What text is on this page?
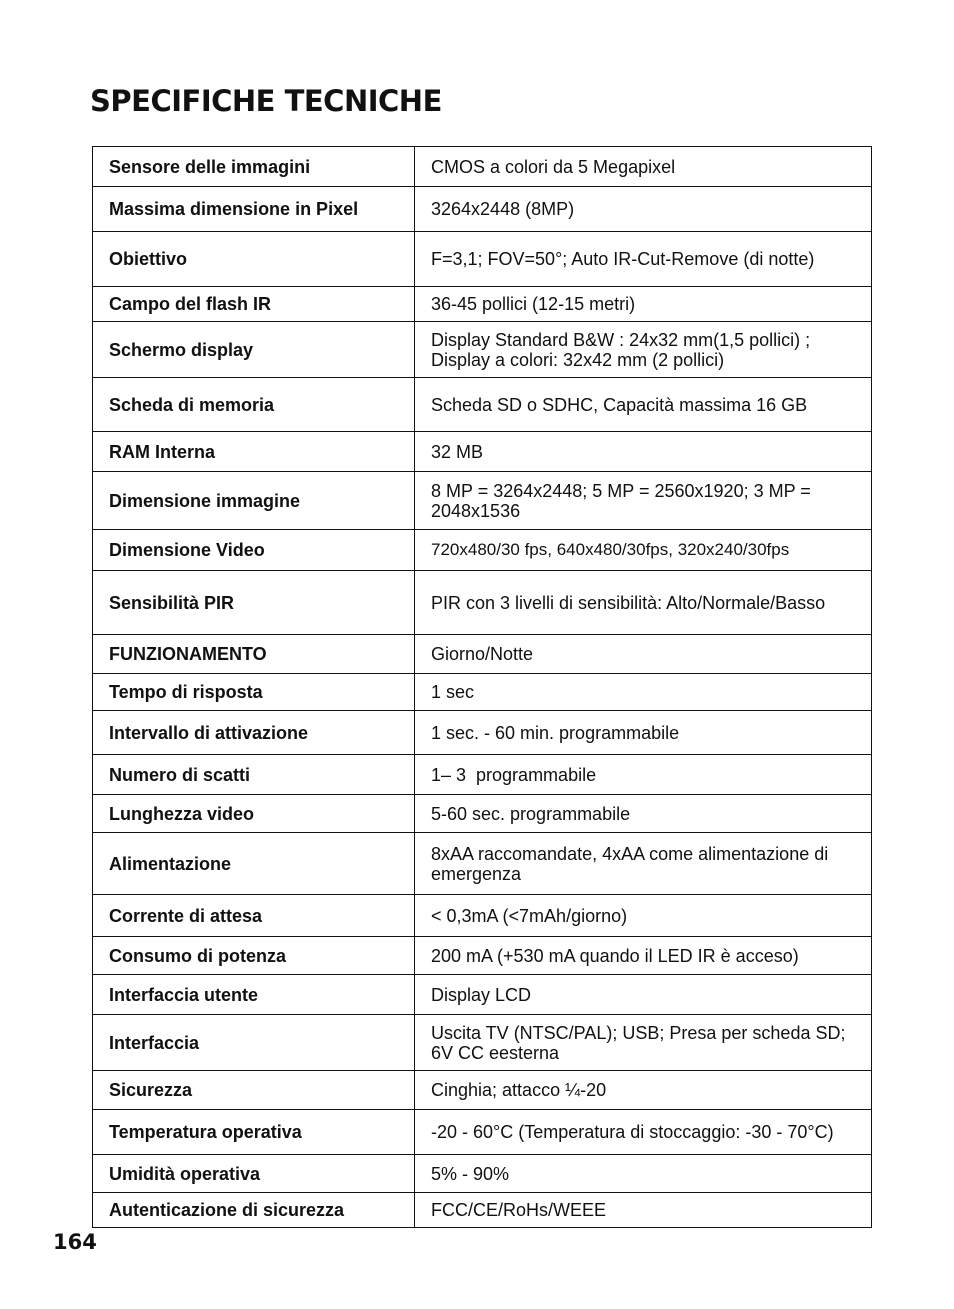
SPECIFICHE TECNICHE
Sensore delle immagini	CMOS a colori da 5 Megapixel
Massima dimensione in Pixel	3264x2448 (8MP)
Obiettivo	F=3,1; FOV=50°; Auto IR-Cut-Remove (di notte)
Campo del flash IR	36-45 pollici (12-15 metri)
Schermo display	Display Standard B&W : 24x32 mm(1,5 pollici) ; Display a colori: 32x42 mm (2 pollici)
Scheda di memoria	Scheda SD o SDHC, Capacità massima 16 GB
RAM Interna	32 MB
Dimensione immagine	8 MP = 3264x2448; 5 MP = 2560x1920; 3 MP = 2048x1536
Dimensione Video	720x480/30 fps, 640x480/30fps, 320x240/30fps
Sensibilità PIR	PIR con 3 livelli di sensibilità: Alto/Normale/Basso
FUNZIONAMENTO	Giorno/Notte
Tempo di risposta	1 sec
Intervallo di attivazione	1 sec. - 60 min. programmabile
Numero di scatti	1– 3  programmabile
Lunghezza video	5-60 sec. programmabile
Alimentazione	8xAA raccomandate, 4xAA come alimentazione di emergenza
Corrente di attesa	< 0,3mA (<7mAh/giorno)
Consumo di potenza	200 mA (+530 mA quando il LED IR è acceso)
Interfaccia utente	Display LCD
Interfaccia	Uscita TV (NTSC/PAL); USB; Presa per scheda SD; 6V CC eesterna
Sicurezza	Cinghia; attacco ¼-20
Temperatura operativa	-20 - 60°C (Temperatura di stoccaggio: -30 - 70°C)
Umidità operativa	5% - 90%
Autenticazione di sicurezza	FCC/CE/RoHs/WEEE
164
